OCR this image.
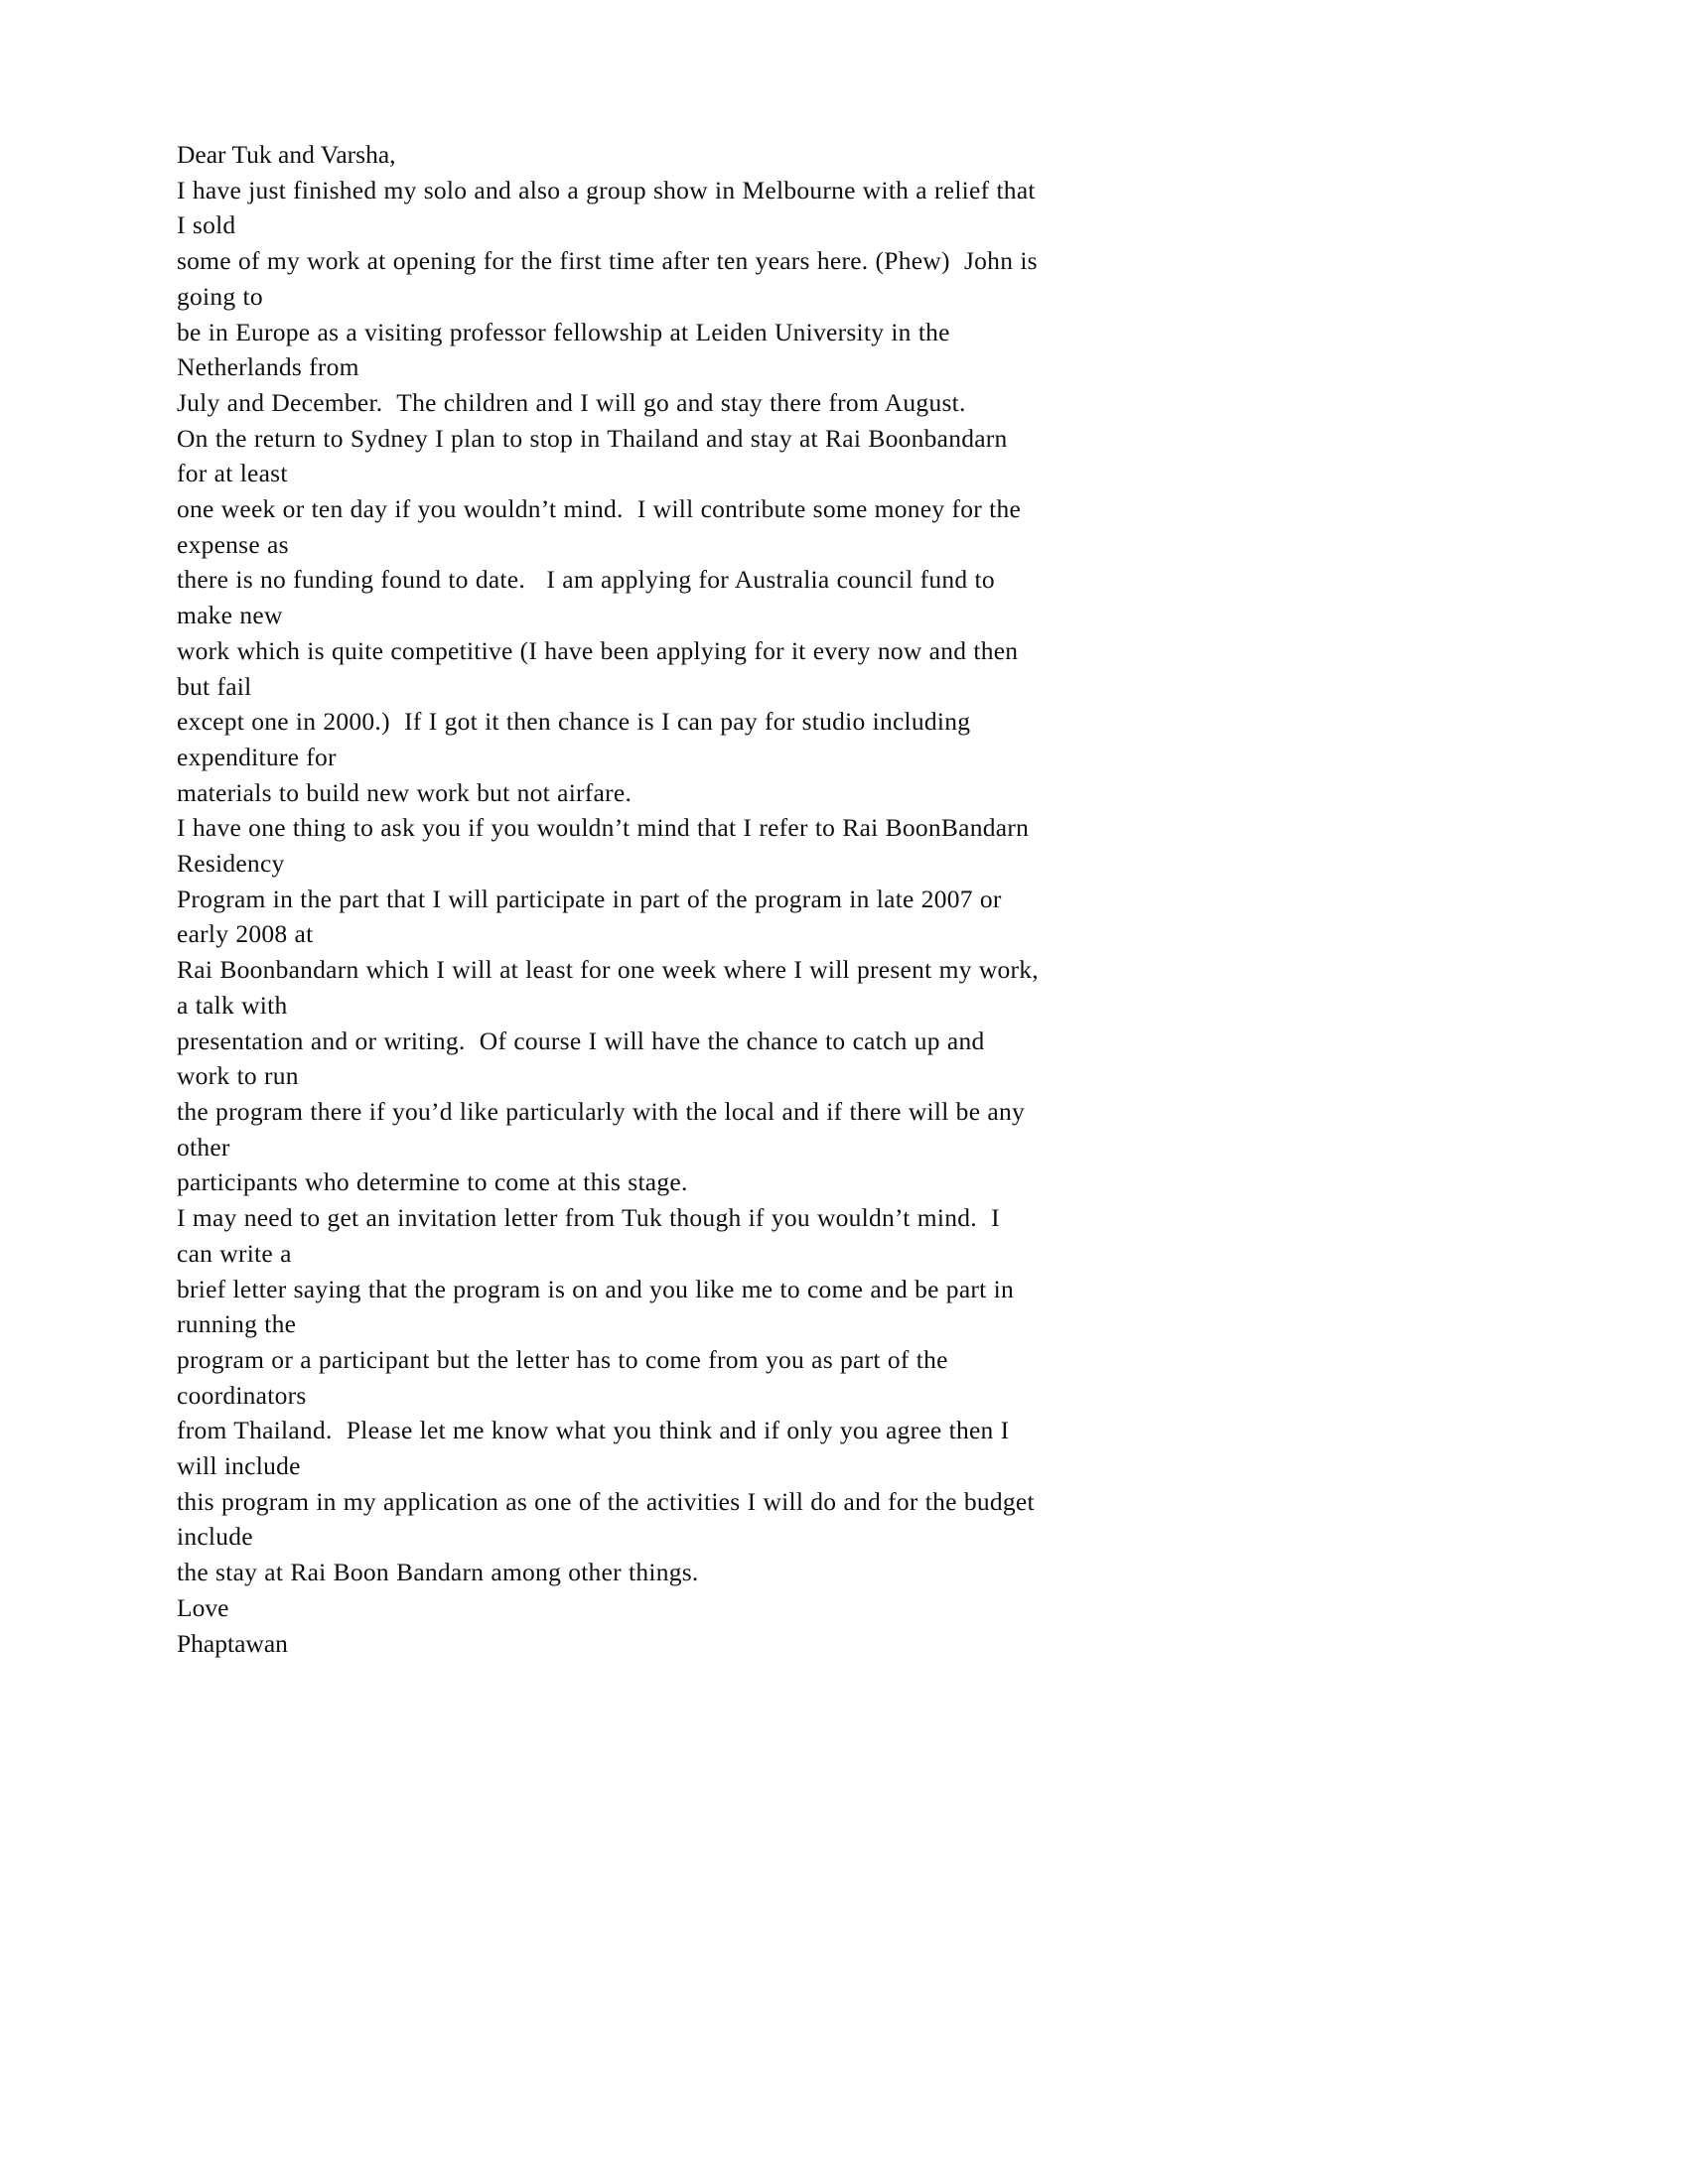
Dear Tuk and Varsha,
I have just finished my solo and also a group show in Melbourne with a relief that I sold
some of my work at opening for the first time after ten years here. (Phew)  John is going to
be in Europe as a visiting professor fellowship at Leiden University in the Netherlands from
July and December.  The children and I will go and stay there from August.
On the return to Sydney I plan to stop in Thailand and stay at Rai Boonbandarn for at least
one week or ten day if you wouldn’t mind.  I will contribute some money for the expense as
there is no funding found to date.   I am applying for Australia council fund to make new
work which is quite competitive (I have been applying for it every now and then but fail
except one in 2000.)  If I got it then chance is I can pay for studio including expenditure for
materials to build new work but not airfare.
I have one thing to ask you if you wouldn’t mind that I refer to Rai BoonBandarn Residency
Program in the part that I will participate in part of the program in late 2007 or early 2008 at
Rai Boonbandarn which I will at least for one week where I will present my work, a talk with
presentation and or writing.  Of course I will have the chance to catch up and work to run
the program there if you’d like particularly with the local and if there will be any other
participants who determine to come at this stage.
I may need to get an invitation letter from Tuk though if you wouldn’t mind.  I can write a
brief letter saying that the program is on and you like me to come and be part in running the
program or a participant but the letter has to come from you as part of the coordinators
from Thailand.  Please let me know what you think and if only you agree then I will include
this program in my application as one of the activities I will do and for the budget include
the stay at Rai Boon Bandarn among other things.
Love
Phaptawan
